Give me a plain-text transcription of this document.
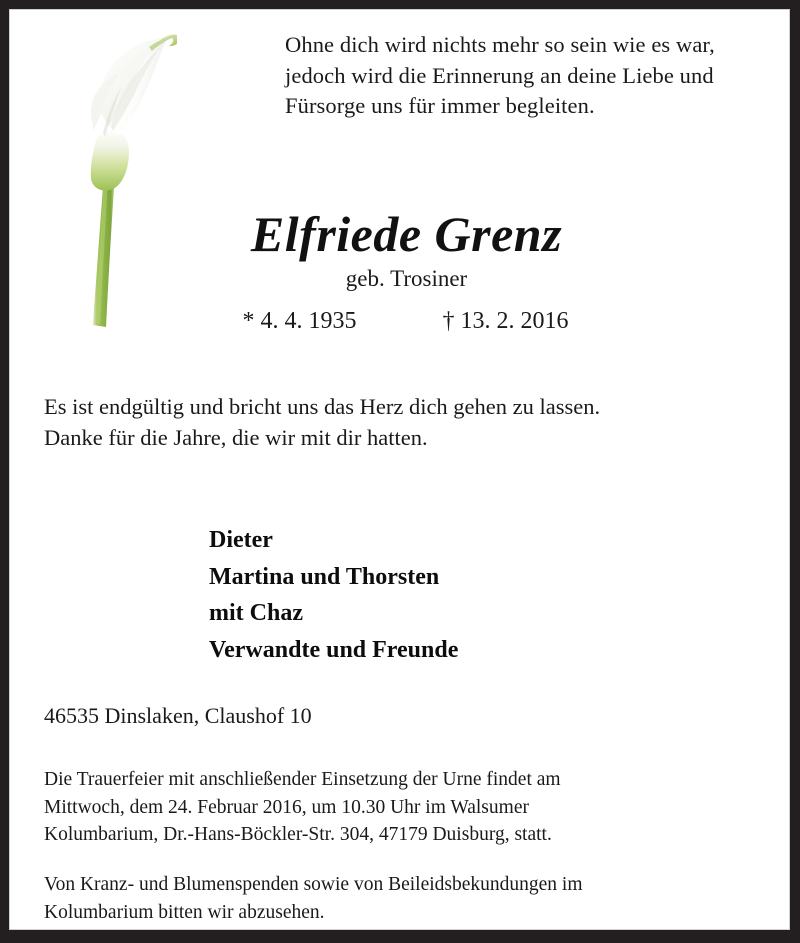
Ohne dich wird nichts mehr so sein wie es war,
jedoch wird die Erinnerung an deine Liebe und
Fürsorge uns für immer begleiten.
Elfriede Grenz
geb. Trosiner
* 4. 4. 1935	† 13. 2. 2016
Es ist endgültig und bricht uns das Herz dich gehen zu lassen.
Danke für die Jahre, die wir mit dir hatten.
Dieter
Martina und Thorsten
mit Chaz
Verwandte und Freunde
46535 Dinslaken, Claushof 10
Die Trauerfeier mit anschließender Einsetzung der Urne findet am
Mittwoch, dem 24. Februar 2016, um 10.30 Uhr im Walsumer
Kolumbarium, Dr.-Hans-Böckler-Str. 304, 47179 Duisburg, statt.
Von Kranz- und Blumenspenden sowie von Beileidsbekundungen im
Kolumbarium bitten wir abzusehen.
